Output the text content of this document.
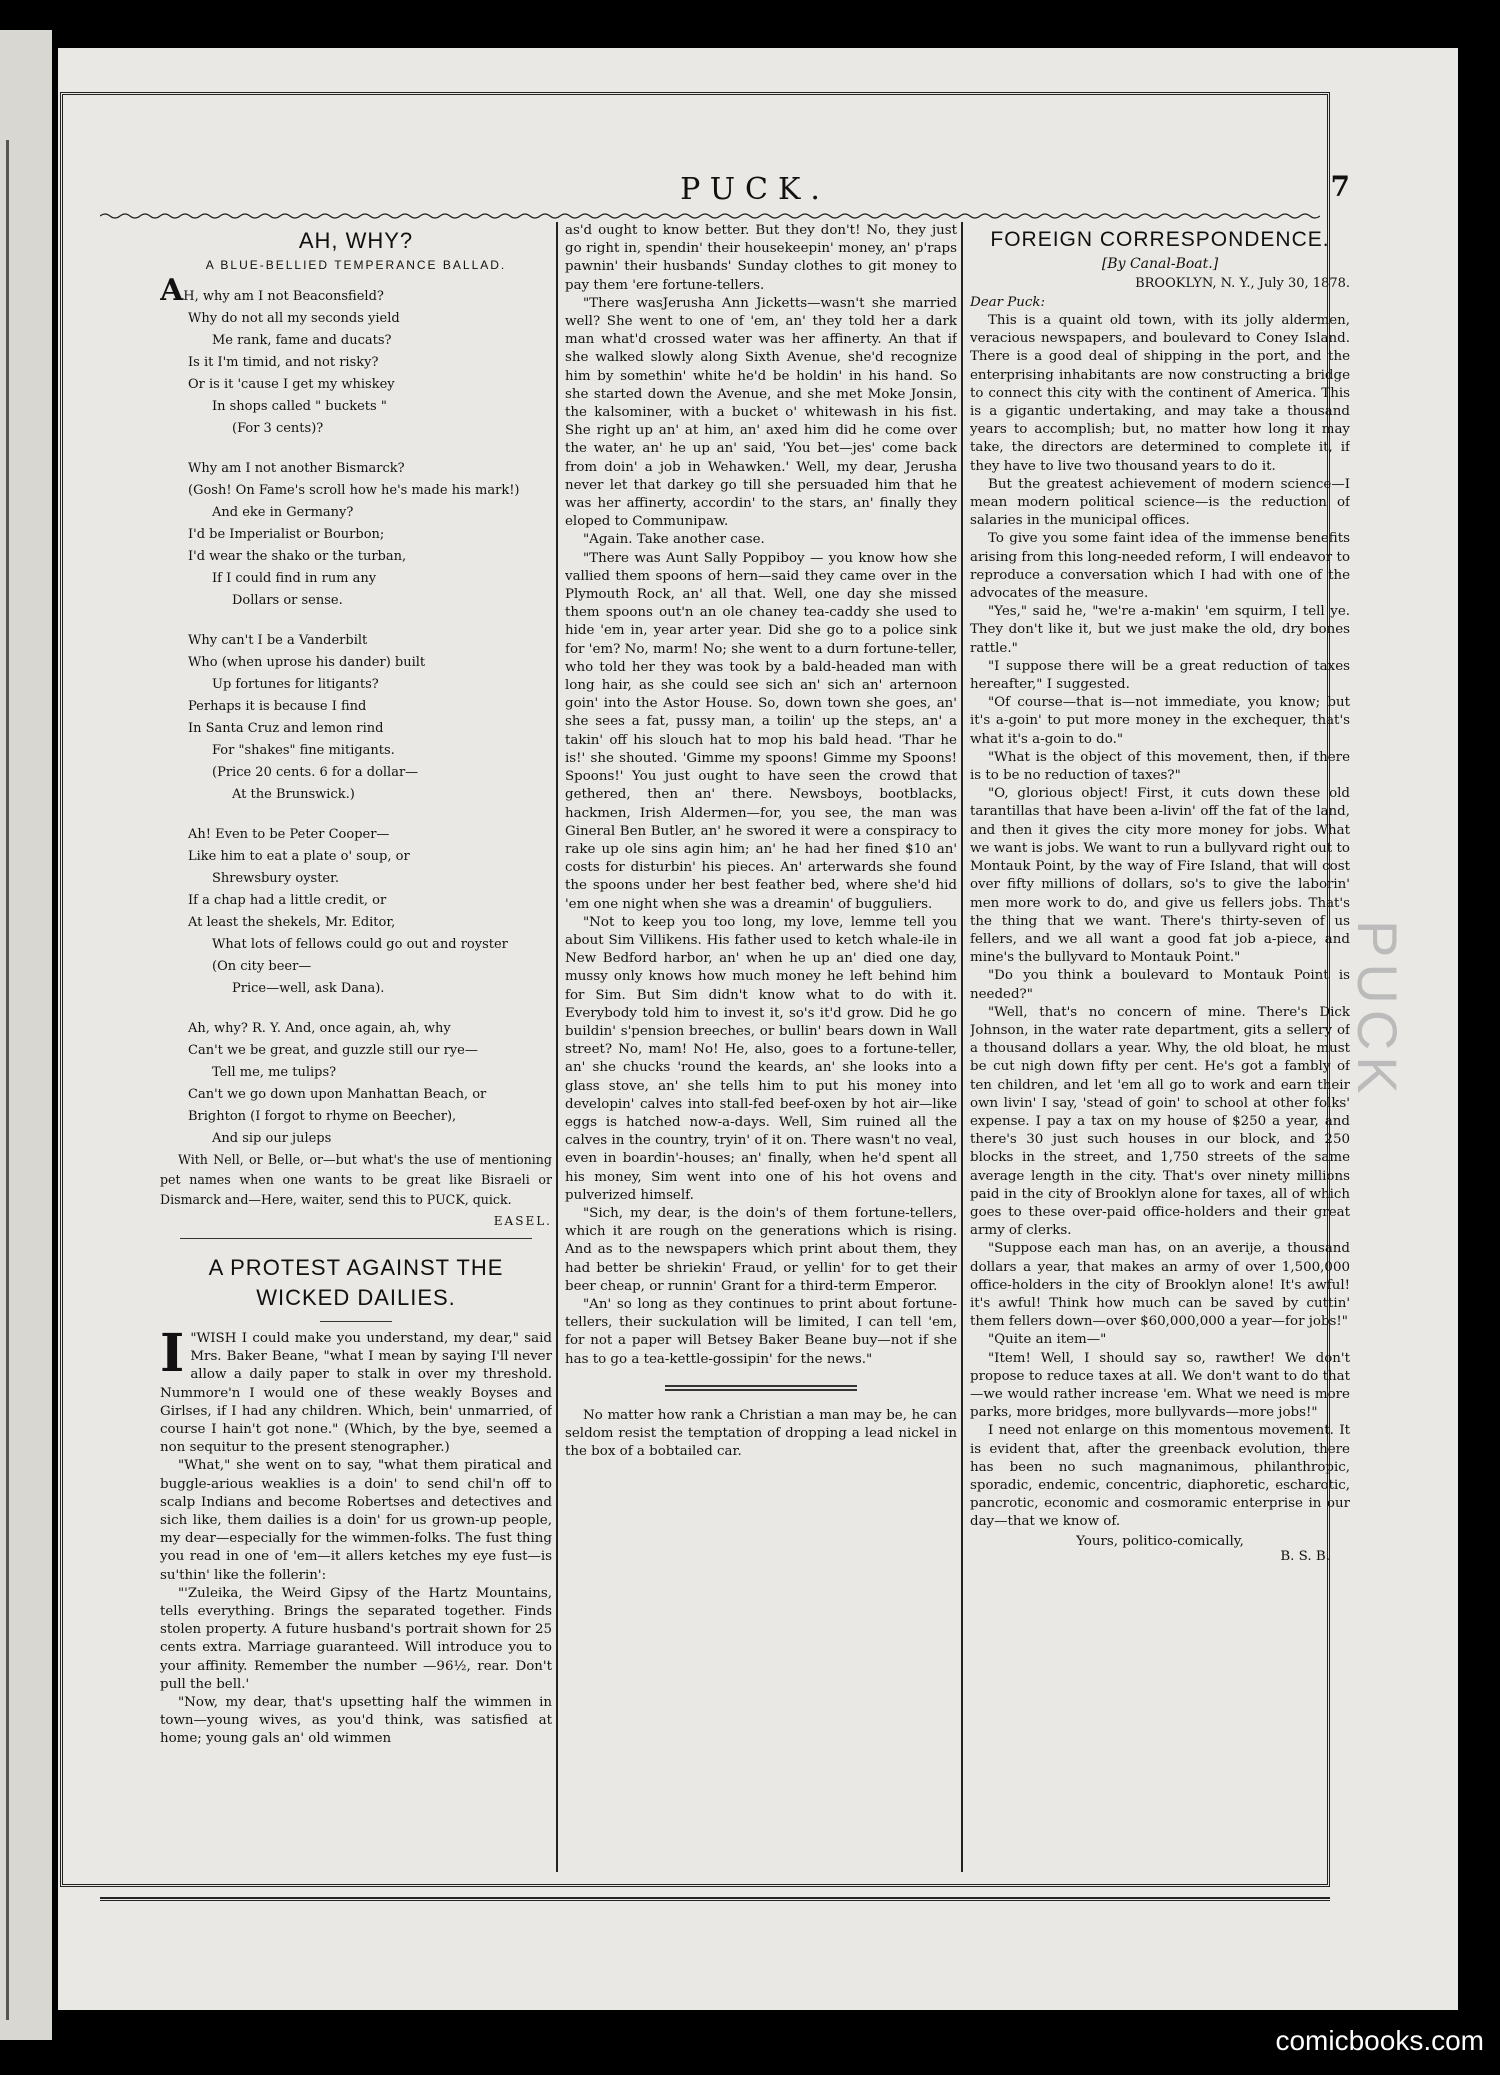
PUCK.	7
AH, WHY?
A BLUE-BELLIED TEMPERANCE BALLAD.
AH, why am I not Beaconsfield?
Why do not all my seconds yield
Me rank, fame and ducats?
Is it I'm timid, and not risky?
Or is it 'cause I get my whiskey
In shops called " buckets "
(For 3 cents)?
Why am I not another Bismarck?
(Gosh! On Fame's scroll how he's made his mark!)
And eke in Germany?
I'd be Imperialist or Bourbon;
I'd wear the shako or the turban,
If I could find in rum any
Dollars or sense.
Why can't I be a Vanderbilt
Who (when uprose his dander) built
Up fortunes for litigants?
Perhaps it is because I find
In Santa Cruz and lemon rind
For "shakes" fine mitigants.
(Price 20 cents. 6 for a dollar—
At the Brunswick.)
Ah! Even to be Peter Cooper—
Like him to eat a plate o' soup, or
Shrewsbury oyster.
If a chap had a little credit, or
At least the shekels, Mr. Editor,
What lots of fellows could go out and royster
(On city beer—
Price—well, ask Dana).
Ah, why? R. Y. And, once again, ah, why
Can't we be great, and guzzle still our rye—
Tell me, me tulips?
Can't we go down upon Manhattan Beach, or
Brighton (I forgot to rhyme on Beecher),
And sip our juleps

With Nell, or Belle, or—but what's the use of mentioning pet names when one wants to be great like Bisraeli or Dismarck and—Here, waiter, send this to PUCK, quick.

EASEL.
A PROTEST AGAINST THE WICKED DAILIES.

I "WISH I could make you understand, my dear," said Mrs. Baker Beane, "what I mean by saying I'll never allow a daily paper to stalk in over my threshold. Nummore'n I would one of these weakly Boyses and Girlses, if I had any children. Which, bein' unmarried, of course I hain't got none." (Which, by the bye, seemed a non sequitur to the present stenographer.)

"What," she went on to say, "what them piratical and buggle-arious weaklies is a doin' to send chil'n off to scalp Indians and become Robertses and detectives and sich like, them dailies is a doin' for us grown-up people, my dear—especially for the wimmen-folks. The fust thing you read in one of 'em—it allers ketches my eye fust—is su'thin' like the follerin':

"'Zuleika, the Weird Gipsy of the Hartz Mountains, tells everything. Brings the separated together. Finds stolen property. A future husband's portrait shown for 25 cents extra. Marriage guaranteed. Will introduce you to your affinity. Remember the number —96½, rear. Don't pull the bell.'

"Now, my dear, that's upsetting half the wimmen in town—young wives, as you'd think, was satisfied at home; young gals an' old wimmen

as'd ought to know better. But they don't! No, they just go right in, spendin' their housekeepin' money, an' p'raps pawnin' their husbands' Sunday clothes to git money to pay them 'ere fortune-tellers.

"There wasJerusha Ann Jicketts—wasn't she married well? She went to one of 'em, an' they told her a dark man what'd crossed water was her affinerty. An that if she walked slowly along Sixth Avenue, she'd recognize him by somethin' white he'd be holdin' in his hand. So she started down the Avenue, and she met Moke Jonsin, the kalsominer, with a bucket o' whitewash in his fist. She right up an' at him, an' axed him did he come over the water, an' he up an' said, 'You bet—jes' come back from doin' a job in Wehawken.' Well, my dear, Jerusha never let that darkey go till she persuaded him that he was her affinerty, accordin' to the stars, an' finally they eloped to Communipaw.

"Again. Take another case.

"There was Aunt Sally Poppiboy — you know how she vallied them spoons of hern—said they came over in the Plymouth Rock, an' all that. Well, one day she missed them spoons out'n an ole chaney tea-caddy she used to hide 'em in, year arter year. Did she go to a police sink for 'em? No, marm! No; she went to a durn fortune-teller, who told her they was took by a bald-headed man with long hair, as she could see sich an' sich an' arternoon goin' into the Astor House. So, down town she goes, an' she sees a fat, pussy man, a toilin' up the steps, an' a takin' off his slouch hat to mop his bald head. 'Thar he is!' she shouted. 'Gimme my spoons! Gimme my Spoons! Spoons!' You just ought to have seen the crowd that gethered, then an' there. Newsboys, bootblacks, hackmen, Irish Aldermen—for, you see, the man was Gineral Ben Butler, an' he swored it were a conspiracy to rake up ole sins agin him; an' he had her fined $10 an' costs for disturbin' his pieces. An' arterwards she found the spoons under her best feather bed, where she'd hid 'em one night when she was a dreamin' of bugguliers.

"Not to keep you too long, my love, lemme tell you about Sim Villikens. His father used to ketch whale-ile in New Bedford harbor, an' when he up an' died one day, mussy only knows how much money he left behind him for Sim. But Sim didn't know what to do with it. Everybody told him to invest it, so's it'd grow. Did he go buildin' s'pension breeches, or bullin' bears down in Wall street? No, mam! No! He, also, goes to a fortune-teller, an' she chucks 'round the keards, an' she looks into a glass stove, an' she tells him to put his money into developin' calves into stall-fed beef-oxen by hot air—like eggs is hatched now-a-days. Well, Sim ruined all the calves in the country, tryin' of it on. There wasn't no veal, even in boardin'-houses; an' finally, when he'd spent all his money, Sim went into one of his hot ovens and pulverized himself.

"Sich, my dear, is the doin's of them fortune-tellers, which it are rough on the generations which is rising. And as to the newspapers which print about them, they had better be shriekin' Fraud, or yellin' for to get their beer cheap, or runnin' Grant for a third-term Emperor.

"An' so long as they continues to print about fortune-tellers, their suckulation will be limited, I can tell 'em, for not a paper will Betsey Baker Beane buy—not if she has to go a tea-kettle-gossipin' for the news."

No matter how rank a Christian a man may be, he can seldom resist the temptation of dropping a lead nickel in the box of a bobtailed car.

FOREIGN CORRESPONDENCE.
[By Canal-Boat.]
BROOKLYN, N. Y., July 30, 1878.
Dear Puck:

This is a quaint old town, with its jolly aldermen, veracious newspapers, and boulevard to Coney Island. There is a good deal of shipping in the port, and the enterprising inhabitants are now constructing a bridge to connect this city with the continent of America. This is a gigantic undertaking, and may take a thousand years to accomplish; but, no matter how long it may take, the directors are determined to complete it, if they have to live two thousand years to do it.

But the greatest achievement of modern science—I mean modern political science—is the reduction of salaries in the municipal offices.

To give you some faint idea of the immense benefits arising from this long-needed reform, I will endeavor to reproduce a conversation which I had with one of the advocates of the measure.

"Yes," said he, "we're a-makin' 'em squirm, I tell ye. They don't like it, but we just make the old, dry bones rattle."

"I suppose there will be a great reduction of taxes hereafter," I suggested.

"Of course—that is—not immediate, you know; but it's a-goin' to put more money in the exchequer, that's what it's a-goin to do."

"What is the object of this movement, then, if there is to be no reduction of taxes?"

"O, glorious object! First, it cuts down these old tarantillas that have been a-livin' off the fat of the land, and then it gives the city more money for jobs. What we want is jobs. We want to run a bullyvard right out to Montauk Point, by the way of Fire Island, that will cost over fifty millions of dollars, so's to give the laborin' men more work to do, and give us fellers jobs. That's the thing that we want. There's thirty-seven of us fellers, and we all want a good fat job a-piece, and mine's the bullyvard to Montauk Point."

"Do you think a boulevard to Montauk Point is needed?"

"Well, that's no concern of mine. There's Dick Johnson, in the water rate department, gits a sellery of a thousand dollars a year. Why, the old bloat, he must be cut nigh down fifty per cent. He's got a fambly of ten children, and let 'em all go to work and earn their own livin' I say, 'stead of goin' to school at other folks' expense. I pay a tax on my house of $250 a year, and there's 30 just such houses in our block, and 250 blocks in the street, and 1,750 streets of the same average length in the city. That's over ninety millions paid in the city of Brooklyn alone for taxes, all of which goes to these over-paid office-holders and their great army of clerks.

"Suppose each man has, on an averije, a thousand dollars a year, that makes an army of over 1,500,000 office-holders in the city of Brooklyn alone! It's awful! it's awful! Think how much can be saved by cuttin' them fellers down—over $60,000,000 a year—for jobs!"

"Quite an item—"

"Item! Well, I should say so, rawther! We don't propose to reduce taxes at all. We don't want to do that—we would rather increase 'em. What we need is more parks, more bridges, more bullyvards—more jobs!"

I need not enlarge on this momentous movement. It is evident that, after the greenback evolution, there has been no such magnanimous, philanthropic, sporadic, endemic, concentric, diaphoretic, escharotic, pancrotic, economic and cosmoramic enterprise in our day—that we know of.

Yours, politico-comically,
B. S. B.
PUCK
comicbooks.com
